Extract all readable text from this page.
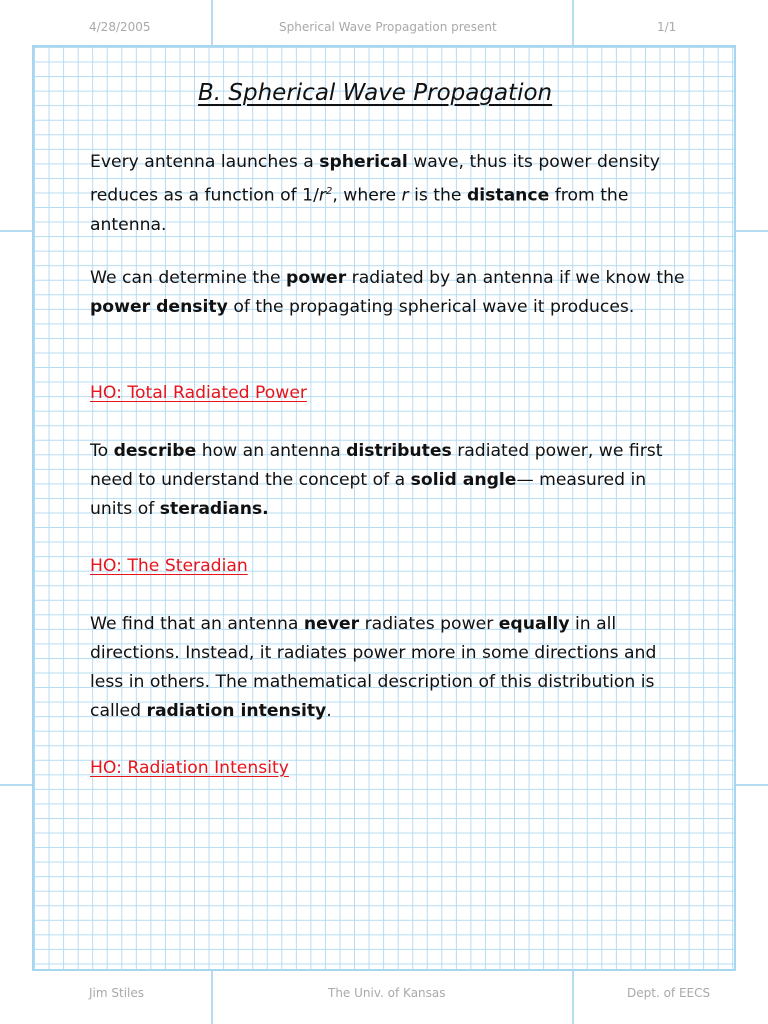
4/28/2005	Spherical Wave Propagation present	1/1
B. Spherical Wave Propagation

Every antenna launches a spherical wave, thus its power density reduces as a function of $1/r^2$, where r is the distance from the antenna.

We can determine the power radiated by an antenna if we know the power density of the propagating spherical wave it produces.

HO: Total Radiated Power

To describe how an antenna distributes radiated power, we first need to understand the concept of a solid angle— measured in units of steradians.

HO: The Steradian

We find that an antenna never radiates power equally in all directions. Instead, it radiates power more in some directions and less in others. The mathematical description of this distribution is called radiation intensity.

HO: Radiation Intensity
Jim Stiles	The Univ. of Kansas	Dept. of EECS
